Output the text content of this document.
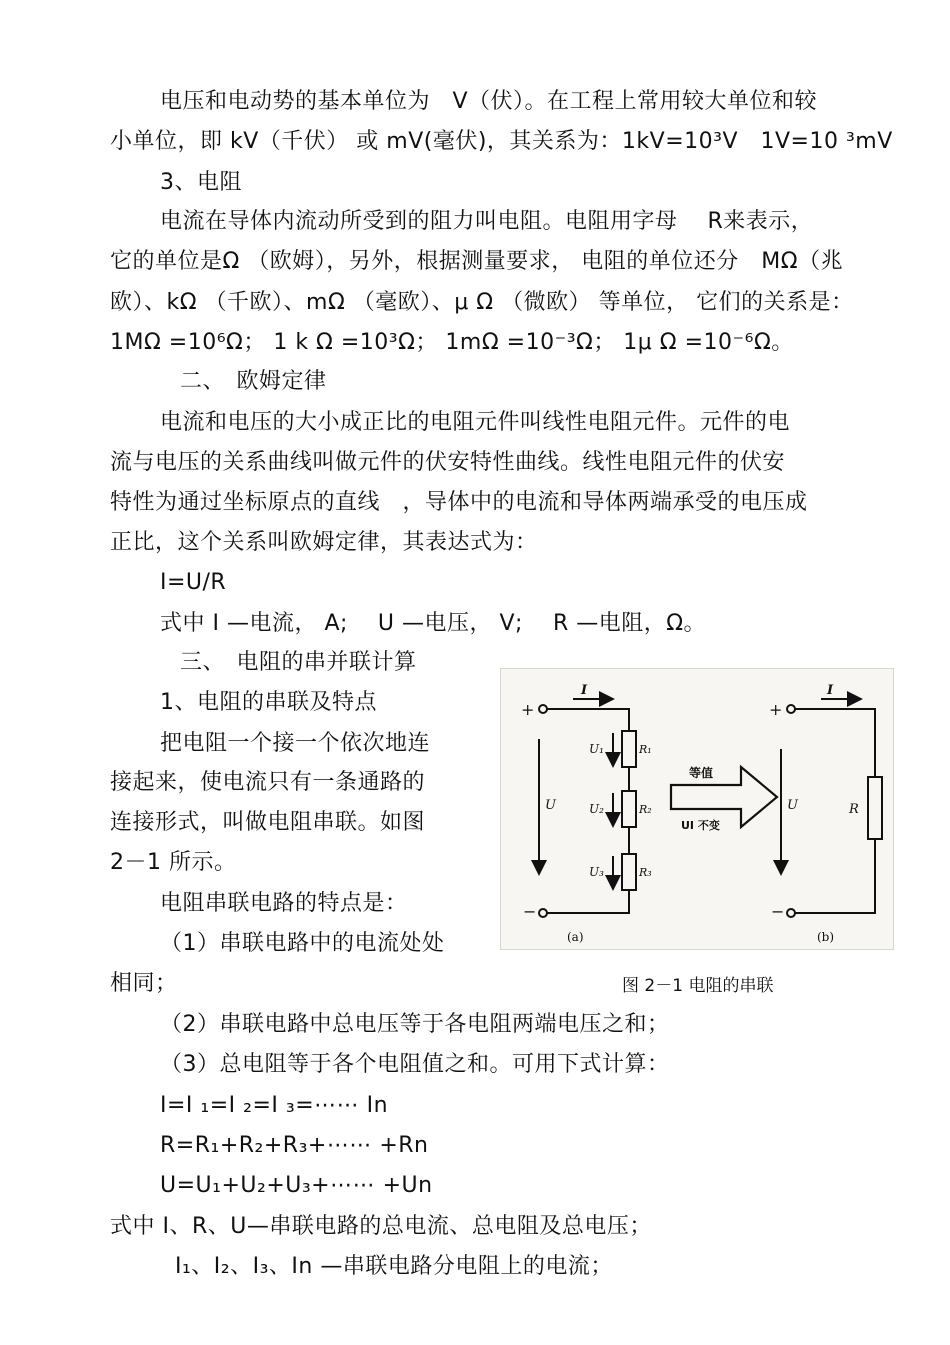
电压和电动势的基本单位为　V（伏）。在工程上常用较大单位和较
小单位，即 kV（千伏） 或 mV(毫伏)，其关系为：1kV=10³V　1V=10 ³mV
3、电阻
电流在导体内流动所受到的阻力叫电阻。电阻用字母　 R来表示，
它的单位是Ω （欧姆），另外，根据测量要求， 电阻的单位还分　MΩ（兆
欧）、kΩ （千欧）、mΩ （毫欧）、μ Ω （微欧） 等单位， 它们的关系是：
1MΩ =10⁶Ω； 1 k Ω =10³Ω； 1mΩ =10⁻³Ω； 1μ Ω =10⁻⁶Ω。
二、　欧姆定律
电流和电压的大小成正比的电阻元件叫线性电阻元件。元件的电
流与电压的关系曲线叫做元件的伏安特性曲线。线性电阻元件的伏安
特性为通过坐标原点的直线　，导体中的电流和导体两端承受的电压成
正比，这个关系叫欧姆定律，其表达式为：
I=U/R
式中 I —电流， A;　 U —电压， V;　 R —电阻，Ω。
三、　电阻的串并联计算
1、电阻的串联及特点
把电阻一个接一个依次地连
接起来，使电流只有一条通路的
连接形式，叫做电阻串联。如图
2－1 所示。
电阻串联电路的特点是：
（1）串联电路中的电流处处
相同；
（2）串联电路中总电压等于各电阻两端电压之和；
（3）总电阻等于各个电阻值之和。可用下式计算：
I=I ₁=I ₂=I ₃=⋯⋯ In
R=R₁+R₂+R₃+⋯⋯ +Rn
U=U₁+U₂+U₃+⋯⋯ +Un
式中 I、R、U—串联电路的总电流、总电阻及总电压；
I₁、I₂、I₃、In —串联电路分电阻上的电流；
+
−
I
U
U₁
U₂
U₃
R₁
R₂
R₃
等值
UI 不变
+
−
I
U	R
(a)	(b)
图 2－1 电阻的串联
